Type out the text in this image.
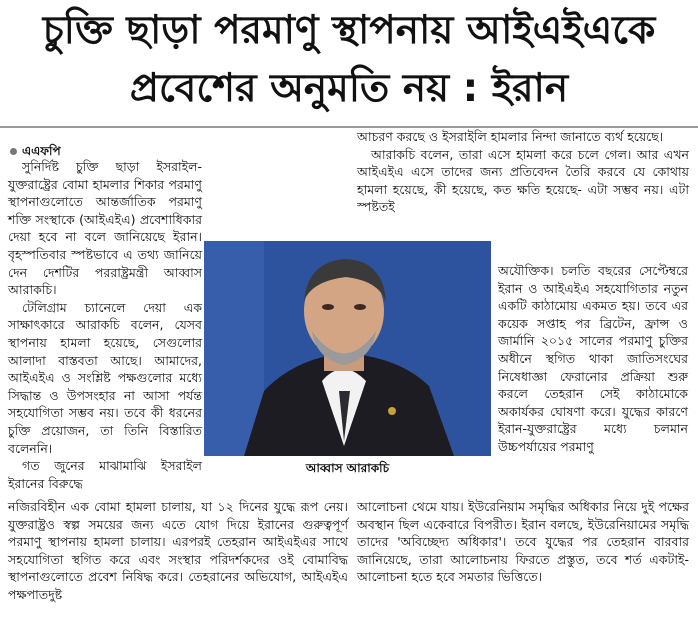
চুক্তি ছাড়া পরমাণু স্থাপনায় আইএইএকে
প্রবেশের অনুমতি নয় : ইরান
এএফপি

সুনির্দিষ্ট চুক্তি ছাড়া ইসরাইল-যুক্তরাষ্ট্রের বোমা হামলার শিকার পরমাণু স্থাপনাগুলোতে আন্তর্জাতিক পরমাণু শক্তি সংস্থাকে (আইএইএ) প্রবেশাধিকার দেয়া হবে না বলে জানিয়েছে ইরান। বৃহস্পতিবার স্পষ্টভাবে এ তথ্য জানিয়ে দেন দেশটির পররাষ্ট্রমন্ত্রী আব্বাস আরাকচি।

টেলিগ্রাম চ্যানেলে দেয়া এক সাক্ষাৎকারে আরাকচি বলেন, যেসব স্থাপনায় হামলা হয়েছে, সেগুলোর আলাদা বাস্তবতা আছে। আমাদের, আইএইএ ও সংশ্লিষ্ট পক্ষগুলোর মধ্যে সিদ্ধান্ত ও উপসংহার না আসা পর্যন্ত সহযোগিতা সম্ভব নয়। তবে কী ধরনের চুক্তি প্রয়োজন, তা তিনি বিস্তারিত বলেননি।

গত জুনের মাঝামাঝি ইসরাইল ইরানের বিরুদ্ধে

আচরণ করছে ও ইসরাইলি হামলার নিন্দা জানাতে ব্যর্থ হয়েছে।

আরাকচি বলেন, তারা এসে হামলা করে চলে গেল। আর এখন আইএইএ এসে তাদের জন্য প্রতিবেদন তৈরি করবে যে কোথায় হামলা হয়েছে, কী হয়েছে, কত ক্ষতি হয়েছে- এটা সম্ভব নয়। এটা স্পষ্টতই

আব্বাস আরাকচি

অযৌক্তিক। চলতি বছরের সেপ্টেম্বরে ইরান ও আইএইএ সহযোগিতার নতুন একটি কাঠামোয় একমত হয়। তবে এর কয়েক সপ্তাহ পর ব্রিটেন, ফ্রান্স ও জার্মানি ২০১৫ সালের পরমাণু চুক্তির অধীনে স্থগিত থাকা জাতিসংঘের নিষেধাজ্ঞা ফেরানোর প্রক্রিয়া শুরু করলে তেহরান সেই কাঠামোকে অকার্যকর ঘোষণা করে। যুদ্ধের কারণে ইরান-যুক্তরাষ্ট্রের মধ্যে চলমান উচ্চপর্যায়ের পরমাণু

নজিরবিহীন এক বোমা হামলা চালায়, যা ১২ দিনের যুদ্ধে রূপ নেয়। যুক্তরাষ্ট্রও স্বল্প সময়ের জন্য এতে যোগ দিয়ে ইরানের গুরুত্বপূর্ণ পরমাণু স্থাপনায় হামলা চালায়। এরপরই তেহরান আইএইএর সাথে সহযোগিতা স্থগিত করে এবং সংস্থার পরিদর্শকদের ওই বোমাবিদ্ধ স্থাপনাগুলোতে প্রবেশ নিষিদ্ধ করে। তেহরানের অভিযোগ, আইএইএ পক্ষপাতদুষ্ট

আলোচনা থেমে যায়। ইউরেনিয়াম সমৃদ্ধির অধিকার নিয়ে দুই পক্ষের অবস্থান ছিল একেবারে বিপরীত। ইরান বলছে, ইউরেনিয়ামের সমৃদ্ধি তাদের 'অবিচ্ছেদ্য অধিকার'। তবে যুদ্ধের পর তেহরান বারবার জানিয়েছে, তারা আলোচনায় ফিরতে প্রস্তুত, তবে শর্ত একটাই- আলোচনা হতে হবে সমতার ভিত্তিতে।
